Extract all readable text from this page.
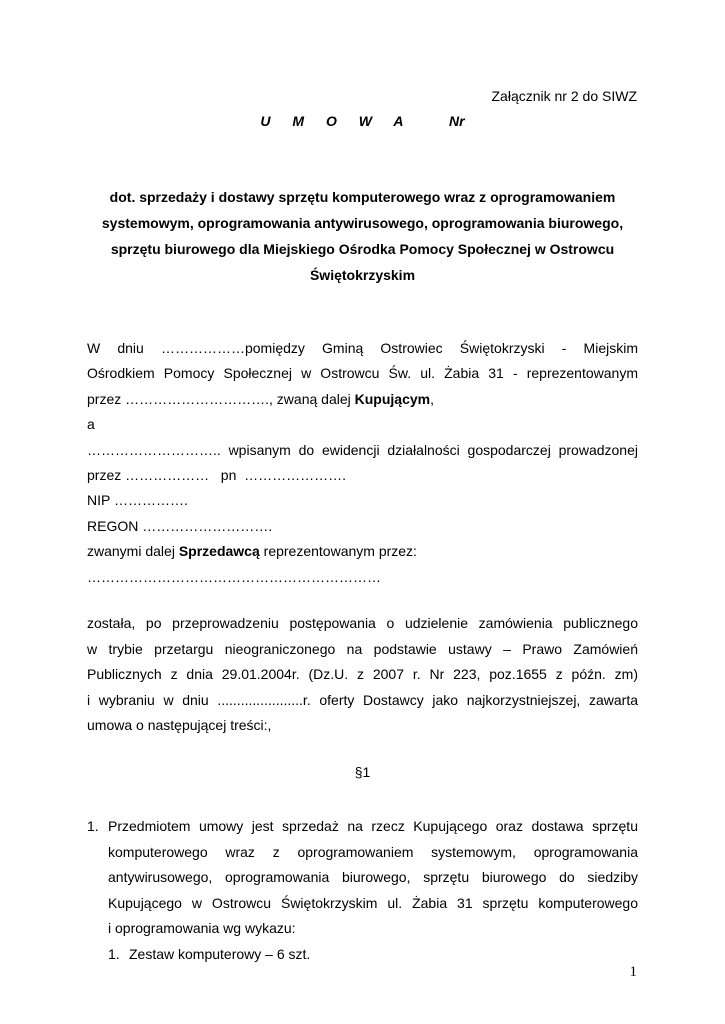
Załącznik nr 2 do SIWZ
U M O W A	Nr
dot. sprzedaży i dostawy sprzętu komputerowego wraz z oprogramowaniem
systemowym, oprogramowania antywirusowego, oprogramowania biurowego,
sprzętu biurowego dla Miejskiego Ośrodka Pomocy Społecznej w Ostrowcu
Świętokrzyskim
W dniu ………………pomiędzy Gminą Ostrowiec Świętokrzyski - Miejskim
Ośrodkiem Pomocy Społecznej w Ostrowcu Św. ul. Żabia 31 - reprezentowanym
przez …………………………., zwaną dalej Kupującym,
a
……………………….. wpisanym do ewidencji działalności gospodarczej prowadzonej
przez ………………   pn  ………………….
NIP …………….
REGON ……………………….
zwanymi dalej Sprzedawcą reprezentowanym przez:
………………………………………………………
została, po przeprowadzeniu postępowania o udzielenie zamówienia publicznego
w trybie przetargu nieograniczonego na podstawie ustawy – Prawo Zamówień
Publicznych z dnia 29.01.2004r. (Dz.U. z 2007 r. Nr 223, poz.1655 z późn. zm)
i wybraniu w dniu ......................r. oferty Dostawcy jako najkorzystniejszej, zawarta
umowa o następującej treści:,
§1
1. Przedmiotem umowy jest sprzedaż na rzecz Kupującego oraz dostawa sprzętu
komputerowego wraz z oprogramowaniem systemowym, oprogramowania
antywirusowego, oprogramowania biurowego, sprzętu biurowego do siedziby
Kupującego w Ostrowcu Świętokrzyskim ul. Żabia 31 sprzętu komputerowego
i oprogramowania wg wykazu:
1. Zestaw komputerowy – 6 szt.
1
